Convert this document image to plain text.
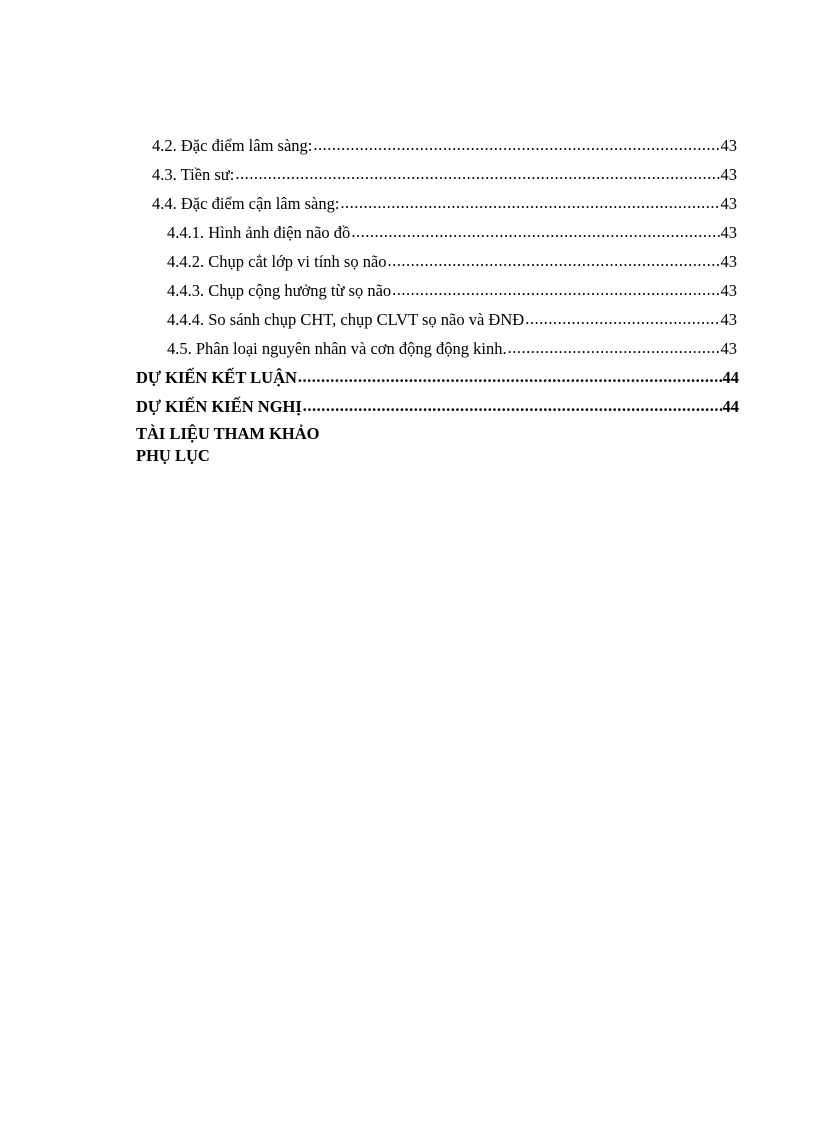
4.2. Đặc điểm lâm sàng: .....	43
4.3. Tiền sư: .....	43
4.4. Đặc điểm cận lâm sàng: .....	43
4.4.1. Hình ảnh điện não đồ .....	43
4.4.2. Chụp cắt lớp vi tính sọ não .....	43
4.4.3. Chụp cộng hưởng từ sọ não .....	43
4.4.4. So sánh chụp CHT, chụp CLVT sọ não và ĐNĐ .....	43
4.5. Phân loại nguyên nhân và cơn động động kinh. .....	43
DỰ KIẾN KẾT LUẬN .....	44
DỰ KIẾN KIẾN NGHỊ .....	44
TÀI LIỆU THAM KHẢO
PHỤ LỤC
